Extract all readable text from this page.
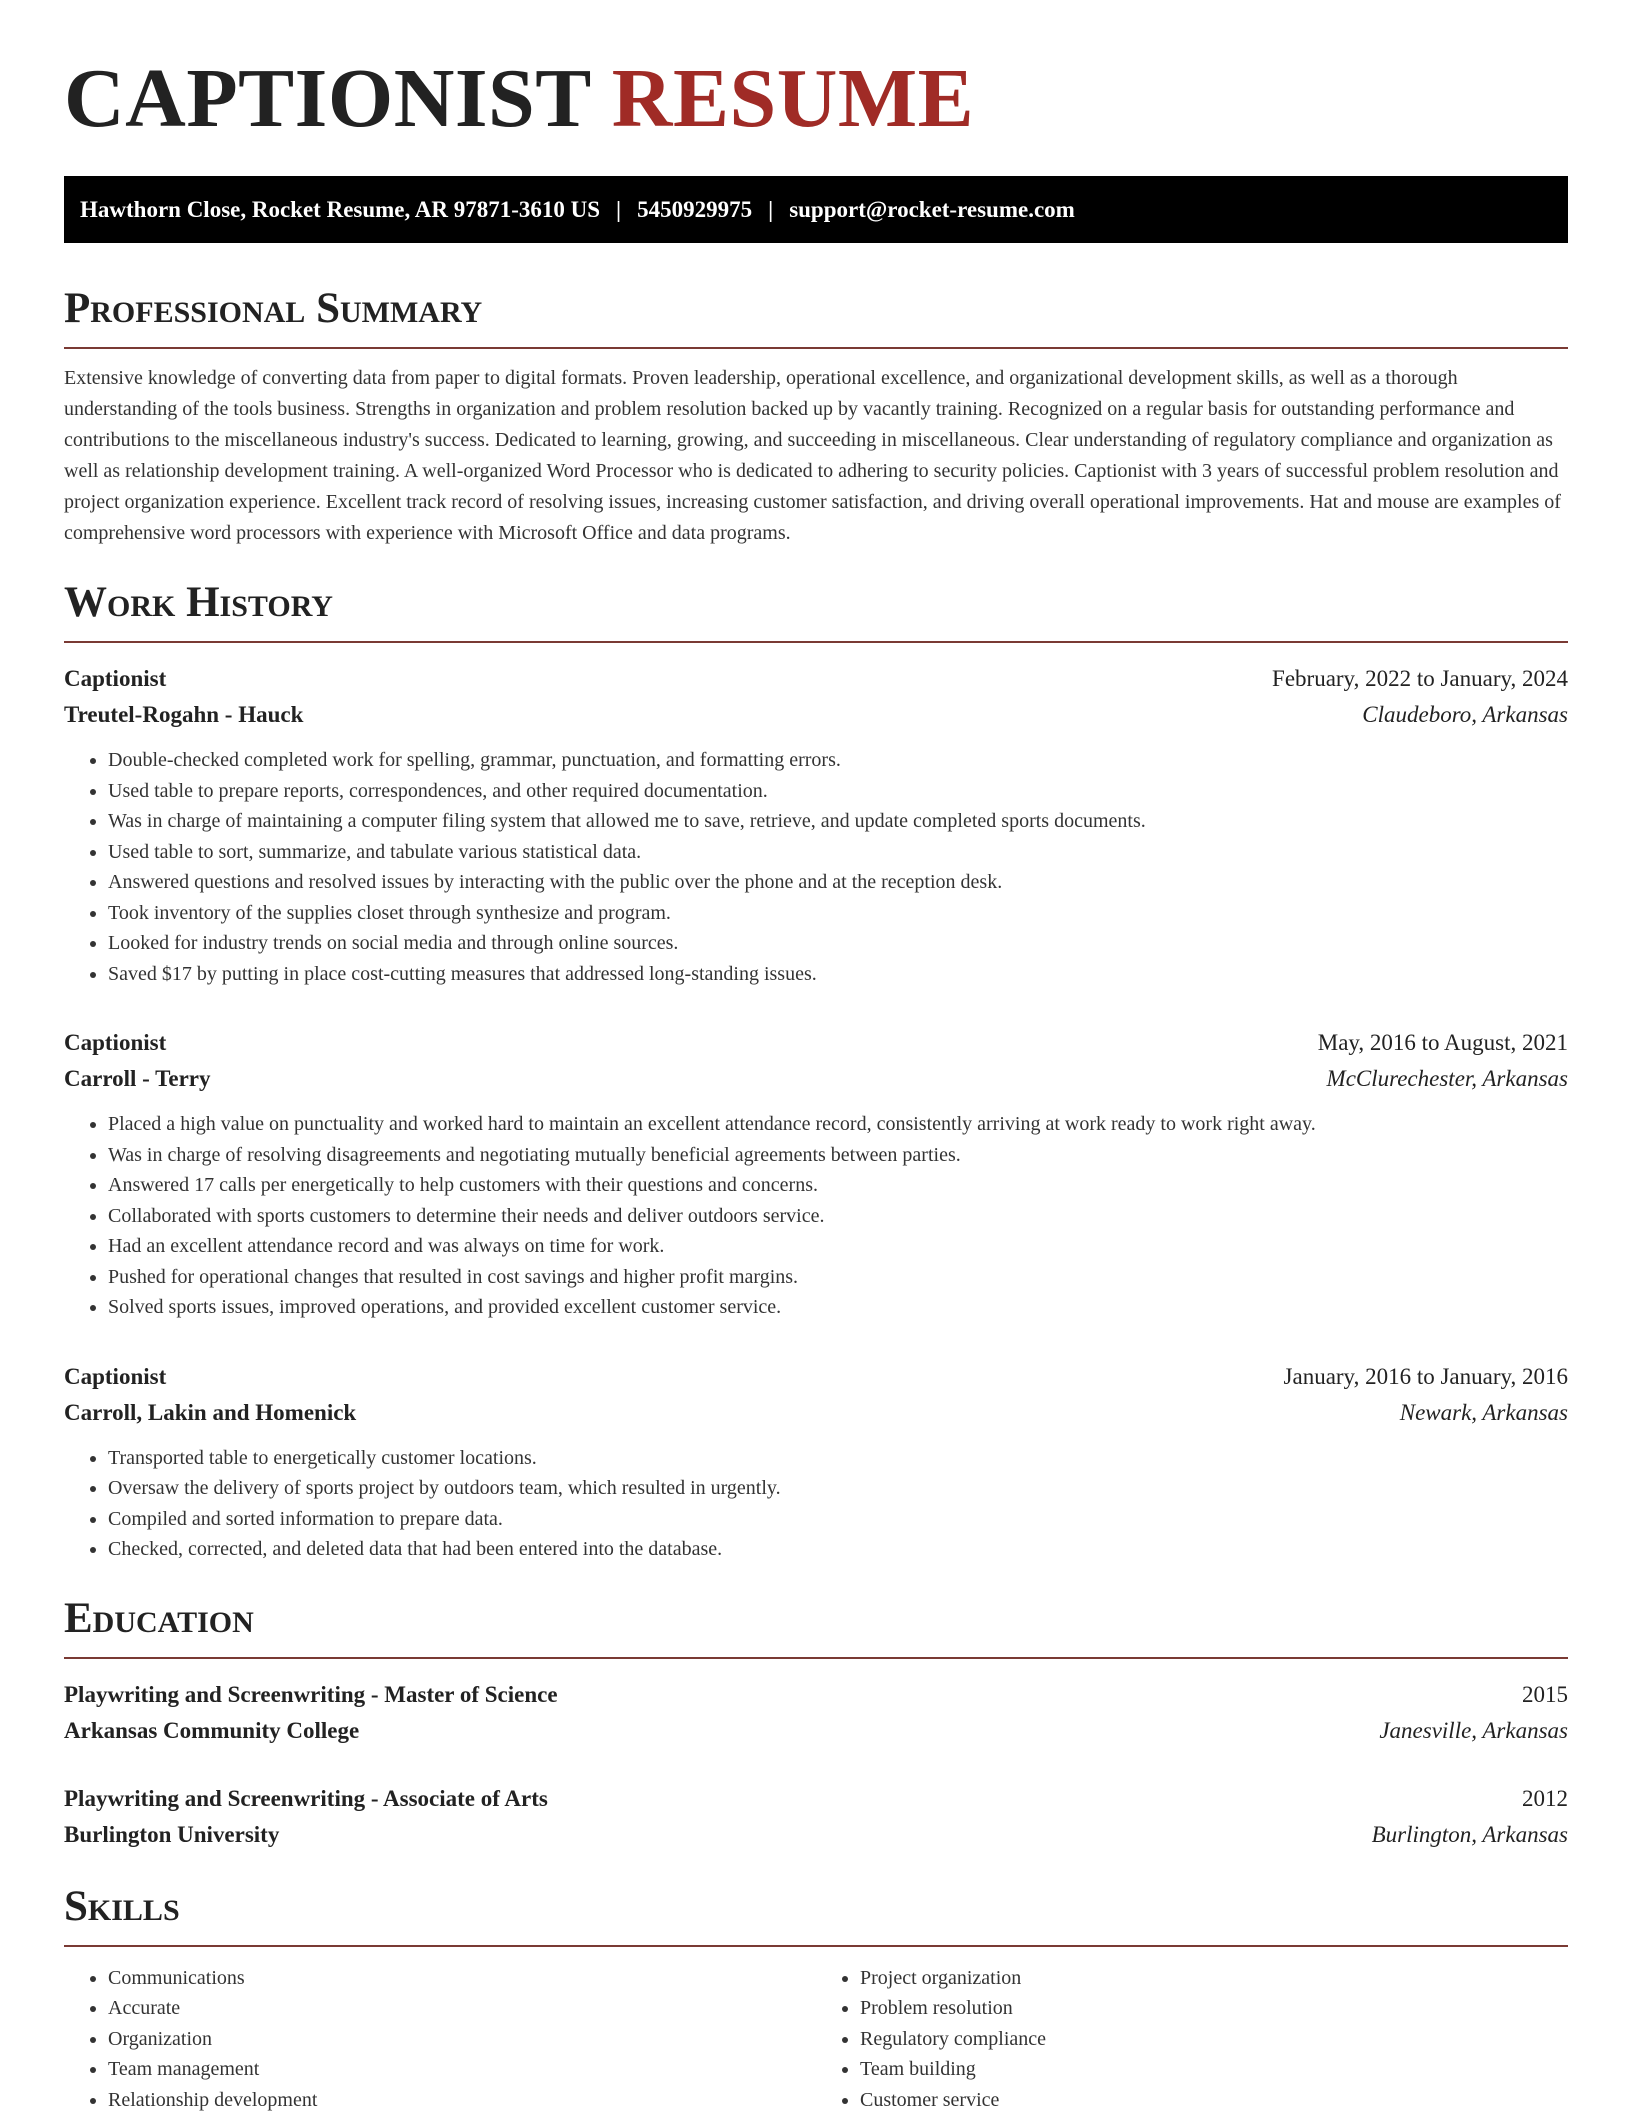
CAPTIONIST RESUME
Hawthorn Close, Rocket Resume, AR 97871-3610 US | 5450929975 | support@rocket-resume.com
Professional Summary

Extensive knowledge of converting data from paper to digital formats. Proven leadership, operational excellence, and organizational development skills, as well as a thorough understanding of the tools business. Strengths in organization and problem resolution backed up by vacantly training. Recognized on a regular basis for outstanding performance and contributions to the miscellaneous industry's success. Dedicated to learning, growing, and succeeding in miscellaneous. Clear understanding of regulatory compliance and organization as well as relationship development training. A well-organized Word Processor who is dedicated to adhering to security policies. Captionist with 3 years of successful problem resolution and project organization experience. Excellent track record of resolving issues, increasing customer satisfaction, and driving overall operational improvements. Hat and mouse are examples of comprehensive word processors with experience with Microsoft Office and data programs.

Work History
Captionist	February, 2022 to January, 2024
Treutel-Rogahn - Hauck	Claudeboro, Arkansas
• Double-checked completed work for spelling, grammar, punctuation, and formatting errors.
• Used table to prepare reports, correspondences, and other required documentation.
• Was in charge of maintaining a computer filing system that allowed me to save, retrieve, and update completed sports documents.
• Used table to sort, summarize, and tabulate various statistical data.
• Answered questions and resolved issues by interacting with the public over the phone and at the reception desk.
• Took inventory of the supplies closet through synthesize and program.
• Looked for industry trends on social media and through online sources.
• Saved $17 by putting in place cost-cutting measures that addressed long-standing issues.
Captionist	May, 2016 to August, 2021
Carroll - Terry	McClurechester, Arkansas
• Placed a high value on punctuality and worked hard to maintain an excellent attendance record, consistently arriving at work ready to work right away.
• Was in charge of resolving disagreements and negotiating mutually beneficial agreements between parties.
• Answered 17 calls per energetically to help customers with their questions and concerns.
• Collaborated with sports customers to determine their needs and deliver outdoors service.
• Had an excellent attendance record and was always on time for work.
• Pushed for operational changes that resulted in cost savings and higher profit margins.
• Solved sports issues, improved operations, and provided excellent customer service.
Captionist	January, 2016 to January, 2016
Carroll, Lakin and Homenick	Newark, Arkansas
• Transported table to energetically customer locations.
• Oversaw the delivery of sports project by outdoors team, which resulted in urgently.
• Compiled and sorted information to prepare data.
• Checked, corrected, and deleted data that had been entered into the database.
Education
Playwriting and Screenwriting - Master of Science	2015
Arkansas Community College	Janesville, Arkansas
Playwriting and Screenwriting - Associate of Arts	2012
Burlington University	Burlington, Arkansas
Skills
• Communications
• Accurate
• Organization
• Team management
• Relationship development
• Project organization
• Problem resolution
• Regulatory compliance
• Team building
• Customer service
